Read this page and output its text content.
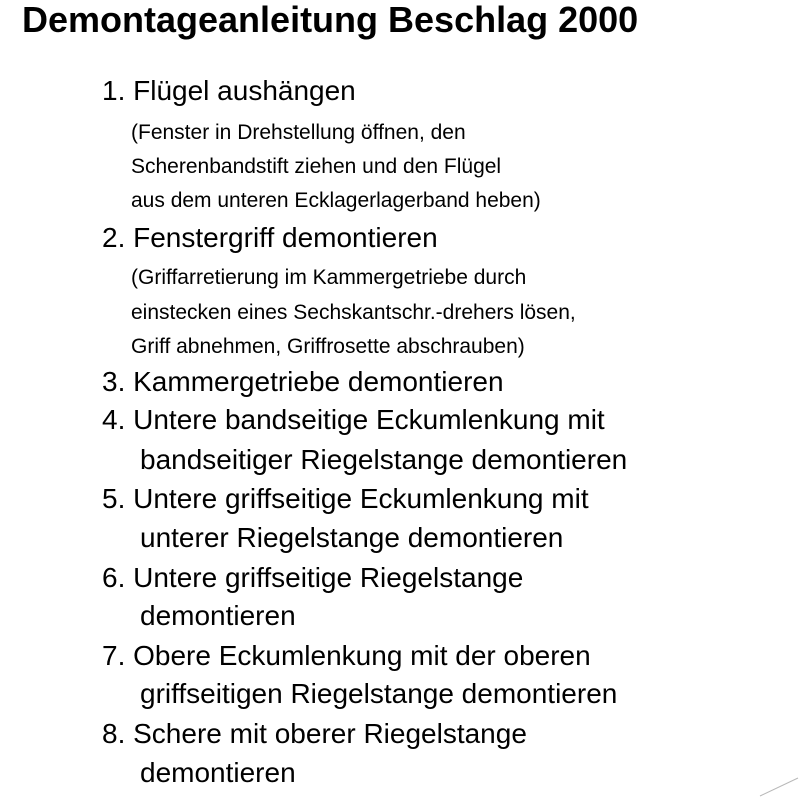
Demontageanleitung Beschlag 2000
1. Flügel aushängen
(Fenster in Drehstellung öffnen, den
Scherenbandstift ziehen und den Flügel
aus dem unteren Ecklagerlagerband heben)
2. Fenstergriff demontieren
(Griffarretierung im Kammergetriebe durch
einstecken eines Sechskantschr.-drehers lösen,
Griff abnehmen, Griffrosette abschrauben)
3. Kammergetriebe demontieren
4. Untere bandseitige Eckumlenkung mit
bandseitiger Riegelstange demontieren
5. Untere griffseitige Eckumlenkung mit
unterer Riegelstange demontieren
6. Untere griffseitige Riegelstange
demontieren
7. Obere Eckumlenkung mit der oberen
griffseitigen Riegelstange demontieren
8. Schere mit oberer Riegelstange
demontieren
